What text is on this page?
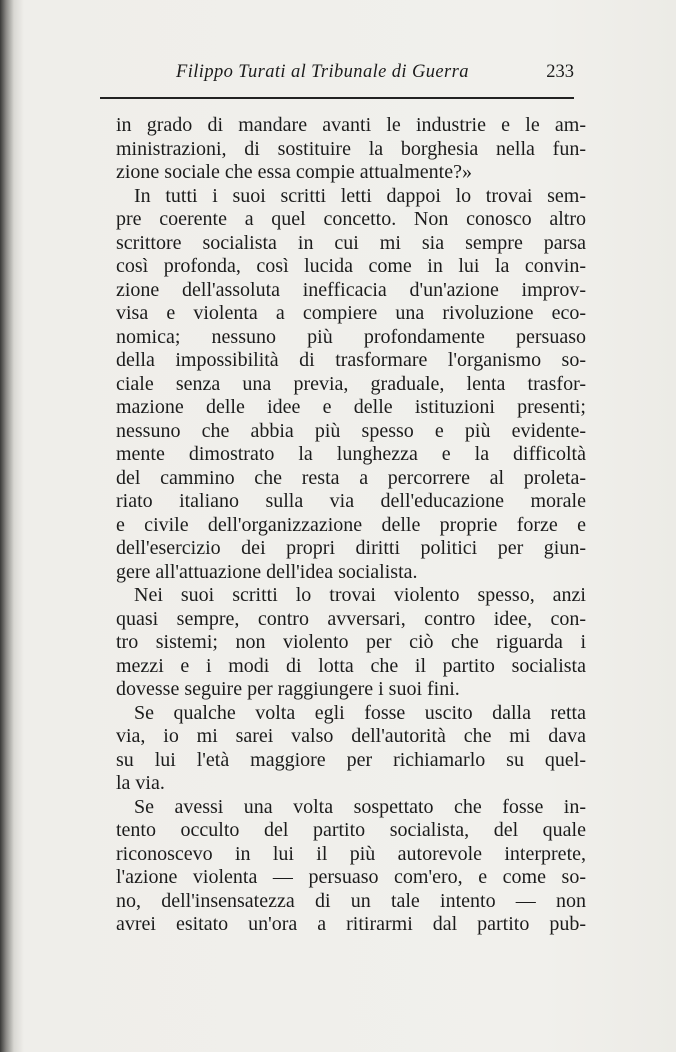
Filippo Turati al Tribunale di Guerra	233
in grado di mandare avanti le industrie e le am-
ministrazioni, di sostituire la borghesia nella fun-
zione sociale che essa compie attualmente?»
In tutti i suoi scritti letti dappoi lo trovai sem-
pre coerente a quel concetto. Non conosco altro
scrittore socialista in cui mi sia sempre parsa
così profonda, così lucida come in lui la convin-
zione dell'assoluta inefficacia d'un'azione improv-
visa e violenta a compiere una rivoluzione eco-
nomica; nessuno più profondamente persuaso
della impossibilità di trasformare l'organismo so-
ciale senza una previa, graduale, lenta trasfor-
mazione delle idee e delle istituzioni presenti;
nessuno che abbia più spesso e più evidente-
mente dimostrato la lunghezza e la difficoltà
del cammino che resta a percorrere al proleta-
riato italiano sulla via dell'educazione morale
e civile dell'organizzazione delle proprie forze e
dell'esercizio dei propri diritti politici per giun-
gere all'attuazione dell'idea socialista.
Nei suoi scritti lo trovai violento spesso, anzi
quasi sempre, contro avversari, contro idee, con-
tro sistemi; non violento per ciò che riguarda i
mezzi e i modi di lotta che il partito socialista
dovesse seguire per raggiungere i suoi fini.
Se qualche volta egli fosse uscito dalla retta
via, io mi sarei valso dell'autorità che mi dava
su lui l'età maggiore per richiamarlo su quel-
la via.
Se avessi una volta sospettato che fosse in-
tento occulto del partito socialista, del quale
riconoscevo in lui il più autorevole interprete,
l'azione violenta — persuaso com'ero, e come so-
no, dell'insensatezza di un tale intento — non
avrei esitato un'ora a ritirarmi dal partito pub-
